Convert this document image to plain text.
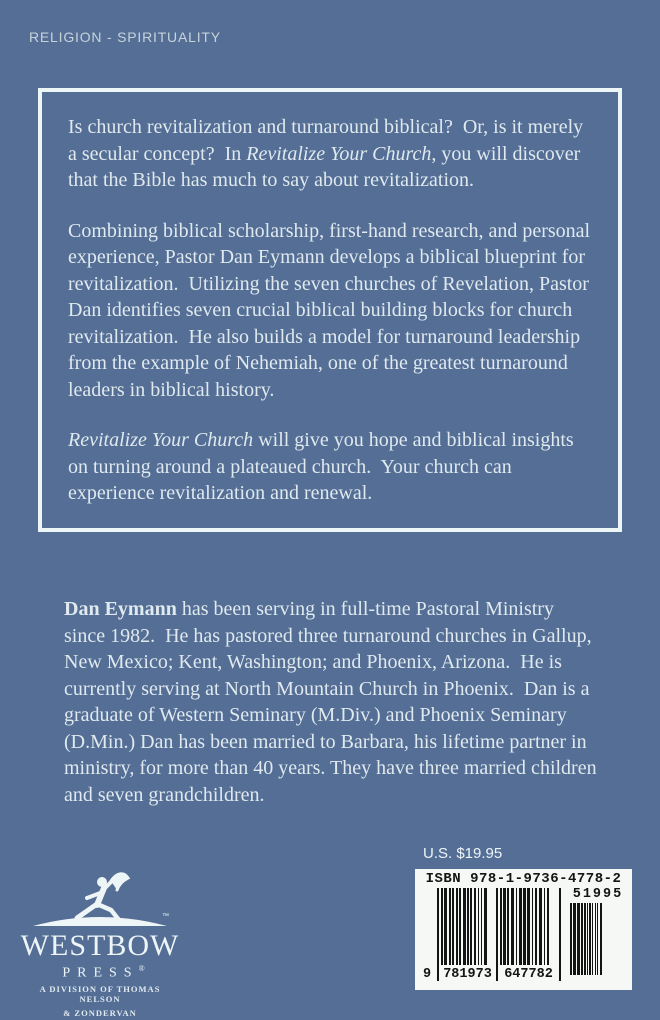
RELIGION - SPIRITUALITY

Is church revitalization and turnaround biblical?  Or, is it merely a secular concept?  In Revitalize Your Church, you will discover that the Bible has much to say about revitalization.

Combining biblical scholarship, first-hand research, and personal experience, Pastor Dan Eymann develops a biblical blueprint for revitalization.  Utilizing the seven churches of Revelation, Pastor Dan identifies seven crucial biblical building blocks for church revitalization.  He also builds a model for turnaround leadership from the example of Nehemiah, one of the greatest turnaround leaders in biblical history.

Revitalize Your Church will give you hope and biblical insights on turning around a plateaued church.  Your church can experience revitalization and renewal.

Dan Eymann has been serving in full-time Pastoral Ministry since 1982.  He has pastored three turnaround churches in Gallup, New Mexico; Kent, Washington; and Phoenix, Arizona.  He is currently serving at North Mountain Church in Phoenix.  Dan is a graduate of Western Seminary (M.Div.) and Phoenix Seminary (D.Min.) Dan has been married to Barbara, his lifetime partner in ministry, for more than 40 years. They have three married children and seven grandchildren.

™
WESTBOW
PRESS®
A DIVISION OF THOMAS NELSON
& ZONDERVAN
U.S. $19.95
ISBN 978-1-9736-4778-2
9 781973 647782
51995
